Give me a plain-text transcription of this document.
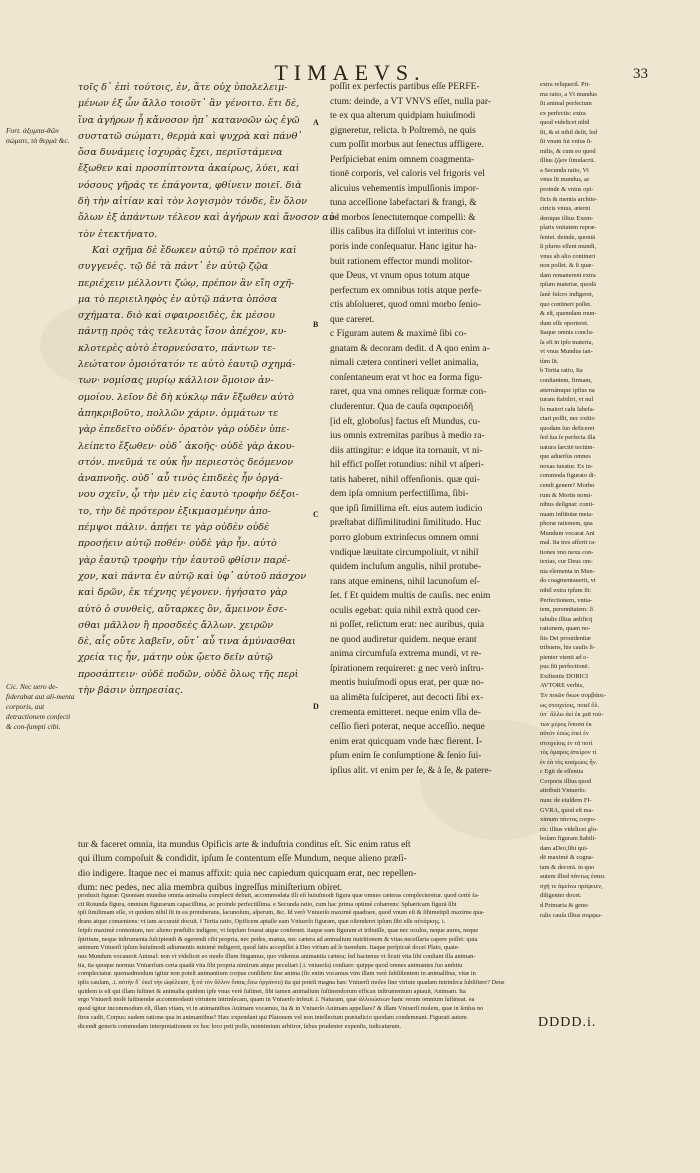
TIMAEVS.	33
Fort. ἀξυμπα-θῶν σώματι, τὰ θερμά &c.
Cic. Nec uero de-fiderabat aut ali-menta corporis, aut detractionem confecti & con-fumpti cibi.

τοῖς δ᾽ ἐπὶ τούτοις, ἐν, ἅτε οὐχ ὑπολελειμ-

μένων ἐξ ὧν ἄλλο τοιοῦτ᾽ ἂν γένοιτο. ἔτι δὲ,

ἵνα ἀγήρων ᾖ κἄνοσον ἠπ᾽ κατανοῶν ὡς ἐγῶ

συστατῶ σώματι, θερμὰ καὶ ψυχρὰ καὶ πάνθ᾽

ὅσα δυνάμεις ἰσχυρὰς ἔχει, περιϊστάμενα

ἔξωθεν καὶ προσπίπτοντα ἀκαίρως, λύει, καὶ

νόσους γῆράς τε ἐπάγοντα, φθίνειν ποιεῖ. διὰ

δὴ τὴν αἰτίαν καὶ τὸν λογισμὸν τόνδε, ἓν ὅλον

ὅλων ἐξ ἁπάντων τέλεον καὶ ἀγήρων καὶ ἄνοσον αὐ-

τὸν ἐτεκτήνατο.

Καὶ σχῆμα δὲ ἔδωκεν αὐτῷ τὸ πρέπον καὶ

συγγενές. τῷ δὲ τὰ πάντ᾽ ἐν αὐτῷ ζῷα

περιέχειν μέλλοντι ζώῳ, πρέπον ἂν εἴη σχῆ-

μα τὸ περιειληφὸς ἐν αὑτῷ πάντα ὁπόσα

σχήματα. διὸ καὶ σφαιροειδὲς, ἐκ μέσου

πάντῃ πρὸς τὰς τελευτὰς ἴσον ἀπέχον, κυ-

κλοτερὲς αὐτὸ ἐτορνεύσατο, πάντων τε-

λεώτατον ὁμοιότατόν τε αὐτὸ ἑαυτῷ σχημά-

των· νομίσας μυρίῳ κάλλιον ὅμοιον ἀν-

ομοίου. λεῖον δὲ δὴ κύκλῳ πᾶν ἔξωθεν αὐτὸ

ἀπηκριβοῦτο, πολλῶν χάριν. ὀμμάτων τε

γὰρ ἐπεδεῖτο οὐδέν· ὁρατὸν γὰρ οὐδὲν ὑπε-

λείπετο ἔξωθεν· οὐδ᾽ ἀκοῆς· οὐδὲ γὰρ ἀκου-

στόν. πνεῦμά τε οὐκ ἦν περιεστὸς δεόμενον

ἀναπνοῆς. οὐδ᾽ αὖ τινὸς ἐπιδεὲς ἦν ὀργά-

νου σχεῖν, ᾧ τὴν μὲν εἰς ἑαυτὸ τροφὴν δέξοι-

το, τὴν δὲ πρότερον ἐξικμασμένην ἀπο-

πέμψοι πάλιν. ἀπῄει τε γὰρ οὐδὲν οὐδὲ

προσῄειν αὐτῷ ποθέν· οὐδὲ γὰρ ἦν. αὐτὸ

γὰρ ἑαυτῷ τροφὴν τὴν ἑαυτοῦ φθίσιν παρέ-

χον, καὶ πάντα ἐν αὐτῷ καὶ ὑφ᾽ αὐτοῦ πάσχον

καὶ δρῶν, ἐκ τέχνης γέγονεν. ἡγήσατο γὰρ

αὐτὸ ὁ συνθεὶς, αὔταρκες ὂν, ἄμεινον ἔσε-

σθαι μᾶλλον ἢ προσδεὲς ἄλλων. χειρῶν

δὲ, αἷς οὔτε λαβεῖν, οὔτ᾽ αὖ τινα ἀμύνασθαι

χρεία τις ἦν, μάτην οὐκ ᾤετο δεῖν αὐτῷ

προσάπτειν· οὐδὲ ποδῶν, οὐδὲ ὅλως τῆς περὶ

τὴν βάσιν ὑπηρεσίας.

A
B
C
D

poſſit ex perfectis partibus eſſe PERFE-

ctum: deinde, a VT VNVS eſſet, nulla par-

te ex qua alterum quidpiam huiuſmodi

gigneretur, relicta. b Poſtremò, ne quis

cum poſſit morbus aut ſenectus affligere.

Perſpiciebat enim omnem coagmenta-

tionē corporis, vel caloris vel frigoris vel

alicuius vehementis impulſionis impor-

tuna acceſſione labefactari & frangi, &

ad morbos ſenectutemque compelli: &

illis caſibus ita diſſolui vt interitus cor-

poris inde conſequatur. Hanc igitur ha-

buit rationem effector mundi molitor-

que Deus, vt vnum opus totum atque

perfectum ex omnibus totis atque perfe-

ctis abſolueret, quod omni morbo ſenio-

que careret.

c Figuram autem & maximè ſibi co-

gnatam & decoram dedit. d A quo enim a-

nimali cætera contineri vellet animalia,

conſentaneum erat vt hoc ea forma figu-

raret, qua vna omnes reliquæ formæ con-

cluderentur. Qua de cauſa σφαιροειδῆ

[id eſt, globoſus] factus eſt Mundus, cu-

ius omnis extremitas paribus à medio ra-

diis attingitur: e idque ita tornauit, vt ni-

hil efficī poſſet rotundius: nihil vt aſperi-

tatis haberet, nihil offenſionis. quæ qui-

dem ipſa omnium perfectiſſima, ſibi-

que ipſi ſimillima eſt. eius autem iudicio

præſtabat diſſimilitudini ſimilitudo. Huc

porro globum extrinſecus omnem omni

vndique læuitate circumpoliuit, vt nihil

quidem incluſum angulis, nihil protube-

rans atque eminens, nihil lacunoſum eſ-

ſet. f Et quidem multis de cauſis. nec enim

oculis egebat: quia nihil extrà quod cer-

ni poſſet, relictum erat: nec auribus, quia

ne quod audiretur quidem. neque erant

anima circumfuſa extrema mundi, vt re-

ſpirationem requireret: g nec verò inſtru-

mentis huiuſmodi opus erat, per quæ no-

ua alimēta ſuſciperet, aut decocti ſibi ex-

crementa emitteret. neque enim vlla de-

ceſſio fieri poterat, neque acceſſio. neque

enim erat quicquam vnde hæc fierent. I-

pſum enim ſe conſumptione & ſenio ſui-

ipſius alit. vt enim per ſe, & à ſe, & patere-

extra reliqueril. Pri-

ma ratio, a Vt mundus

ſit animal perfectum

ex perfectis: extra

quod videlicet nihil

ſit, & ei nihil deſit, ſed

ſit vnum ſui vnius ſi-

milis, & cum eo quod

illius ζῷον ſimulacrū.

a Secunda ratio, Vt

vnus ſit mundus, ac

proinde & vnius opi-

ficis & mentis archite-

ctricis vnius, æterni

denique illius Exem-

plaris vnitatem repræ-

ſentet. deinde, quoniā

ſi plures eſſent mundi,

vnus ab alio contineri

non poſſet. & ſi quæ-

dam remanerent extra

ipſum materiæ, quodā

ſanè fulcro indigeret,

quo contineri poſſet.

& eſt, quemdam mun-

dum eſſe oporteret.

Itaque omnis conclu-

ſa eſt in ipſo materia,

vt vnus Mundus tan-

tùm ſit.

b Tertia ratio, Ita

conſtantem, firmam,

æternámque ipſius na

turam ſtabiliri, vt nul

lo maiori caſu labefa-

ctari poſſit, nec exitio

quodam ſuo deficeret

ſed ſua ſe perfecta illa

natura ſarcitē tectūm-

que aduerſus omnes

noxas tueatur. Ex in-

commoda figurato di-

cendi genere? Morbo

rum & Mortis nomi-

nibus deſignat: conti-

nuam inſtitutæ meta-

phoræ rationem, qua

Mundum vocarat Ani

mal. Ita tres afferit ra-

tiones vno nexu con-

textas, cur Deus om-

nia elementa in Mun-

do coagmentauerit, vt

nihil extra ipſum ſit:

Perfectionem, vnita-

tem, perennitatem: ſi

tabulis illius ædificij

rationem, quam no-

ſtis Dei prouidentiæ

tribuens, his cauſis ſi-

pienter vtenti ad o-

pus ſiū perfectionē.

Exiſtentis DORICI

AVTORE verbis,

Ἐν ποιῶν ὅκων συμβάσε-

ως στοιχείοις, ποιεῖ ὅλ.

ὑπ᾽ ἄλλω ἀεὶ ἐκ μιᾶ τού-

των μέρος ὅποσα ἐκ

αὐτὸν ἐσώς ἐπεὶ ἐν

στοιχείοις ἐν τᾶ ποτὶ

τὸς ὁμαρος ἀπείρον τὶ

ἐν ἐὰ τὸς κοσμώος ἦν.

c Egit de eſſentia

Corporis illius quod

attribuit Vniuerſo:

nunc de eiuſdem FI-

GVRA, quod eſt ma-

ximum πάντας corpo-

ris: illius videlicet glo-

boſam figuram ſtabili-

dam aDeo,ſibi qui-

dē maximè & cogna-

tam & decorā. in quo

autem illud πάντως ἐσαει

σχῆ τε ἀμείνω πρέψειεν,

diligenter docet.

d Primaria & gene-

ralis cauſa illius συμφω-

tur & faceret omnia, ita mundus Opificis arte & induſtria conditus eſt. Sic enim ratus eſt

qui illum compoſuit & condidit, ipſum ſe contentum eſſe Mundum, neque alieno præſi-

dio indigere. Itaque nec ei manus affixit: quia nec capiedum quicquam erat, nec repellen-

dum: nec pedes, nec alia membra quibus ingreſſus miniſterium obiret.

produxit figuræ: Quoniam mundus omnia animalia complecti debuit, accommodata illi eſt huiuſmodi figura quæ omnes cæteras complecteretur. quod certè fa-

cit Rotunda figura, omnium figurarum capaciſſima, ac proinde perfectiſſima. e Secunda ratio, cum hac prima optimè cohærens: Sphæricam figurā ſibi

ipſi ſimilimam eſſe, vt quidem nihil ſit in ea protuberans, lacunoſum, aſperum, &c. Id verò Vniuerſo maximè quadrare, quod vnum eſt & ſibimetipſi maxime qua-

drans atque conueniens: vt iam accuratè docuit. f Tertia ratio, Opificem aptaſſe eam Vniuerſo figuram, quæ oſtenderet ipſum ſibi eſſe αὐτάρκης. i.

ſeipſo maximè contentum, nec alieno præſidio indigere, vt ſeipſum foueat atque conſeruet. itaque eam figuram ei tribuiſſe, quæ nec oculos, neque aures, neque

ſpiritum, neque inſtrumenta ſuſcipiendi & egerendi cibi propria, nec pedes, manus, nec cætera ad animalium nutritionem & vitas neceſſaria capere poſſet: quia

animum Vniuerſi ipſum huiuſmodi adiumentis minimè indigeret, quod ſatis accepiſſet à Deo virium ad ſe tuendum. Itaque perſpicuè docet Plato, quate-

nus Mundum vocauerit Animal: non vt videlicet eo modo illum fingamus, quo videmus animantia cætera; ſed hactenus vt ſicuti vita ſibi conſtant illa animan-

tia, ita quoque normus Vniuerſum certa quadā vita ſibi propria nimirum atque peculiari (.i. vniuerſa) conſtare: quippe quod omnes animantes ſuo ambitu

complectatur. quemadmodum igitur non poteſt animantium corpus conſiſtere ſine anima (ſic enim vocamus vim illam verè ſubſiſtentem in animalibus, vitæ in

ipſis cauſam, .i. αὐτὴν δ᾽ ἐκεῖ τὴν ὠφέλειαν, ἢ οὐ τὸν ἄλλον ὅσαις ἔσω ὀργάνου) ita qui poteſt magna hæc Vniuerſi moles ſine virtute quadam intrinſeca ſubſiſtere? Deus

quidem is eſt qui illam ſuſtinet & animalia quidem ipſe vnus verè ſuſtinet, ſibi tamen animalium ſuſtinendorum efficax inſtrumentum aptauit, Animam. Ita

ergo Vniuerſi molē ſuſtinendæ accommodauit virtutem intrinſecam, quam in Vniuerſo infeuit .i. Naturam, quæ ἀλλοιώσεων hanc rerum omnium ſuſtineat. ea

quod igitur incommodum eſt, illam vitam, vt in animantibus Animam vocamus, ita & in Vniuerſo Animam appellare? & illam Vniuerſi molem, quæ in ſenſus no

ſtros cadit, Corpus: eadem ratione qua in animantibus? Hæc expendant qui Platonem vel non intellectum præiudicio quodam condemnant. Figurati autem

dicendi generis commodam interpretationem ex hoc loco peti poſſe, nonnimium arbitror, ſebus prudenter expenſis, iudicaturum.	DDDD.i.
